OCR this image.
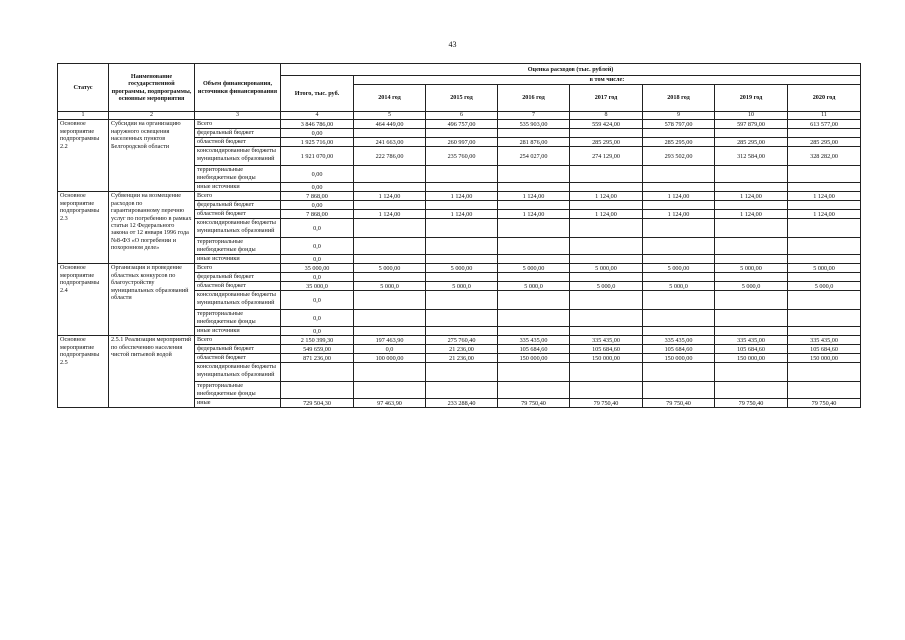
43
Статус	Наименование государственной программы, подпрограммы, основные мероприятия	Объем финансирования, источники финансирования	Оценка расходов (тыс. рублей)							
			Итого, тыс. руб.	в том числе:						
				2014 год	2015 год	2016 год	2017 год	2018 год	2019 год	2020 год
1	2	3	4	5	6	7	8	9	10	11
Основное мероприятие подпрограммы 2.2	Субсидии на организацию наружного освещения населенных пунктов Белгородской области	Всего	3 846 786,00	464 449,00	496 757,00	535 903,00	559 424,00	578 797,00	597 879,00	613 577,00
		федеральный бюджет	0,00							
		областной бюджет	1 925 716,00	241 663,00	260 997,00	281 876,00	285 295,00	285 295,00	285 295,00	285 295,00
		консолидированные бюджеты муниципальных образований	1 921 070,00	222 786,00	235 760,00	254 027,00	274 129,00	293 502,00	312 584,00	328 282,00
		территориальные внебюджетные фонды	0,00							
		иные источники	0,00							
Основное мероприятие подпрограммы 2.3	Субвенции на возмещение расходов по гарантированному перечню услуг по погребению в рамках статьи 12 Федерального закона от 12 января 1996 года №8-ФЗ «О погребении и похоронном деле»	Всего	7 868,00	1 124,00	1 124,00	1 124,00	1 124,00	1 124,00	1 124,00	1 124,00
		федеральный бюджет	0,00							
		областной бюджет	7 868,00	1 124,00	1 124,00	1 124,00	1 124,00	1 124,00	1 124,00	1 124,00
		консолидированные бюджеты муниципальных образований	0,0							
		территориальные внебюджетные фонды	0,0							
		иные источники	0,0							
Основное мероприятие подпрограммы 2.4	Организация и проведение областных конкурсов по благоустройству муниципальных образований области	Всего	35 000,00	5 000,00	5 000,00	5 000,00	5 000,00	5 000,00	5 000,00	5 000,00
		федеральный бюджет	0,0							
		областной бюджет	35 000,0	5 000,0	5 000,0	5 000,0	5 000,0	5 000,0	5 000,0	5 000,0
		консолидированные бюджеты муниципальных образований	0,0							
		территориальные внебюджетные фонды	0,0							
		иные источники	0,0							
Основное мероприятие подпрограммы 2.5	2.5.1 Реализация мероприятий по обеспечению населения чистой питьевой водой	Всего	2 150 399,30	197 463,90	275 760,40	335 435,00	335 435,00	335 435,00	335 435,00	335 435,00
		федеральный бюджет	549 659,00	0,0	21 236,00	105 684,60	105 684,60	105 684,60	105 684,60	105 684,60
		областной бюджет	871 236,00	100 000,00	21 236,00	150 000,00	150 000,00	150 000,00	150 000,00	150 000,00
		консолидированные бюджеты муниципальных образований								
		территориальные внебюджетные фонды								
		иные	729 504,30	97 463,90	233 288,40	79 750,40	79 750,40	79 750,40	79 750,40	79 750,40
